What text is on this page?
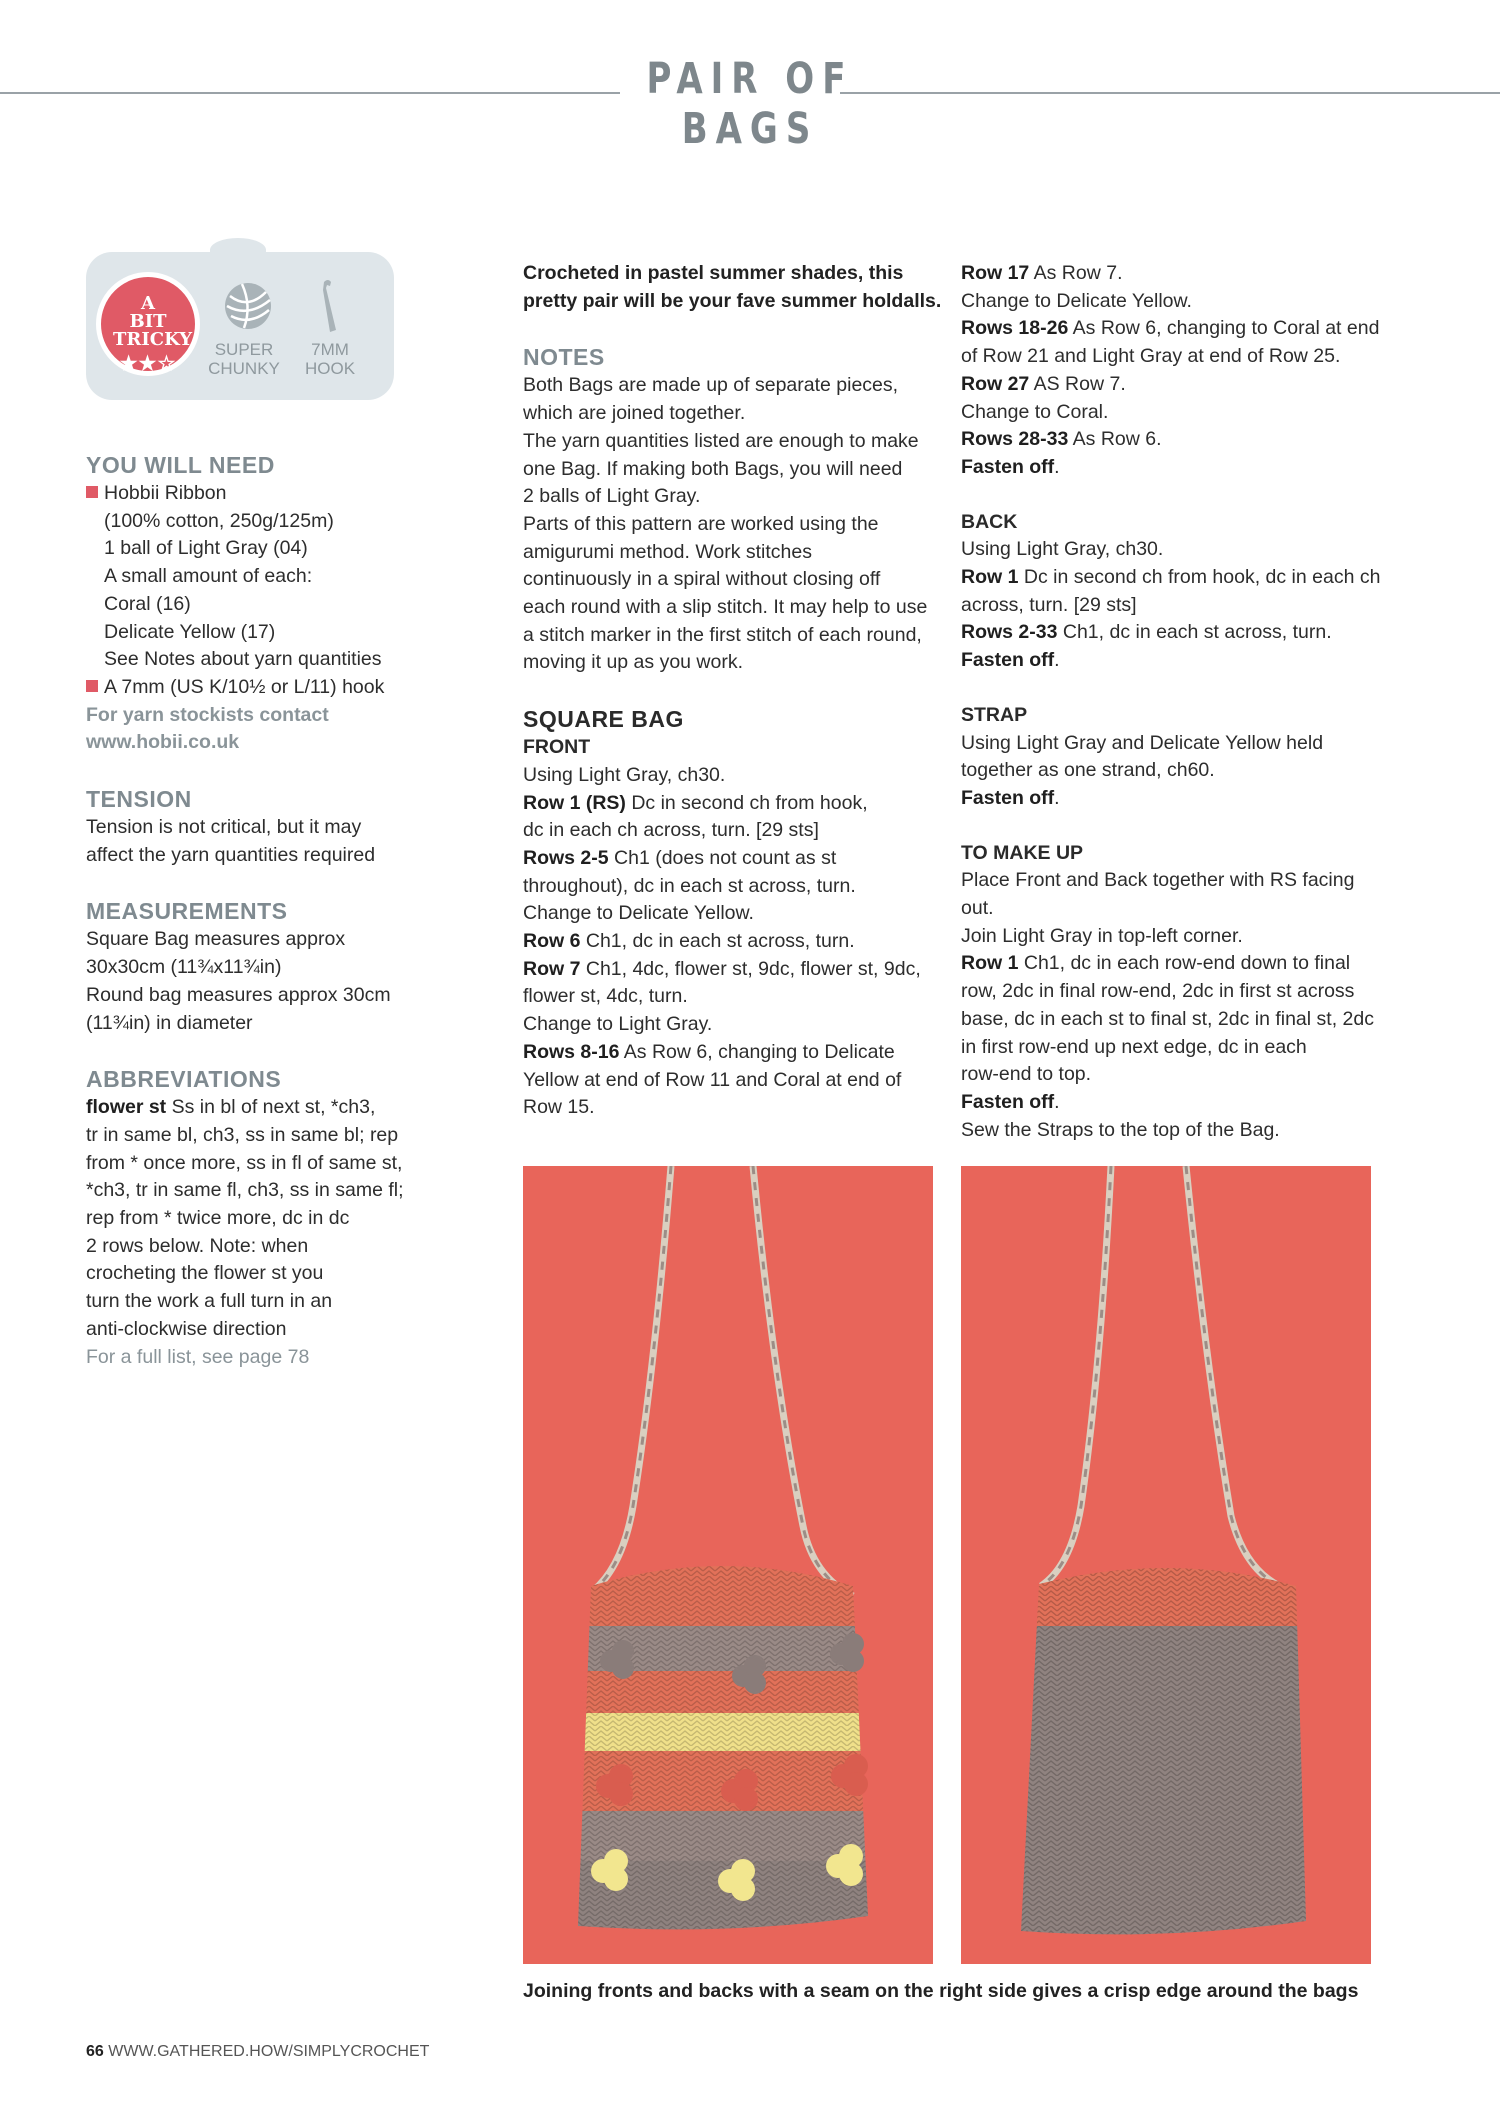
PAIR OF BAGS
A BIT TRICKY
★★☆
SUPER
CHUNKY
7MM
HOOK

YOU WILL NEED

Hobbii Ribbon

(100% cotton, 250g/125m)

1 ball of Light Gray (04)

A small amount of each:

Coral (16)

Delicate Yellow (17)

See Notes about yarn quantities

A 7mm (US K/10½ or L/11) hook

For yarn stockists contact

www.hobii.co.uk

TENSION

Tension is not critical, but it may

affect the yarn quantities required

MEASUREMENTS

Square Bag measures approx

30x30cm (11¾x11¾in)

Round bag measures approx 30cm

(11¾in) in diameter

ABBREVIATIONS

flower st Ss in bl of next st, *ch3,

tr in same bl, ch3, ss in same bl; rep

from * once more, ss in fl of same st,

*ch3, tr in same fl, ch3, ss in same fl;

rep from * twice more, dc in dc

2 rows below. Note: when

crocheting the flower st you

turn the work a full turn in an

anti-clockwise direction

For a full list, see page 78

Crocheted in pastel summer shades, this

pretty pair will be your fave summer holdalls.

NOTES

Both Bags are made up of separate pieces,

which are joined together.

The yarn quantities listed are enough to make

one Bag. If making both Bags, you will need

2 balls of Light Gray.

Parts of this pattern are worked using the

amigurumi method. Work stitches

continuously in a spiral without closing off

each round with a slip stitch. It may help to use

a stitch marker in the first stitch of each round,

moving it up as you work.

SQUARE BAG

FRONT

Using Light Gray, ch30.

Row 1 (RS) Dc in second ch from hook,

dc in each ch across, turn. [29 sts]

Rows 2-5 Ch1 (does not count as st

throughout), dc in each st across, turn.

Change to Delicate Yellow.

Row 6 Ch1, dc in each st across, turn.

Row 7 Ch1, 4dc, flower st, 9dc, flower st, 9dc,

flower st, 4dc, turn.

Change to Light Gray.

Rows 8-16 As Row 6, changing to Delicate

Yellow at end of Row 11 and Coral at end of

Row 15.

Row 17 As Row 7.

Change to Delicate Yellow.

Rows 18-26 As Row 6, changing to Coral at end

of Row 21 and Light Gray at end of Row 25.

Row 27 AS Row 7.

Change to Coral.

Rows 28-33 As Row 6.

Fasten off.

BACK

Using Light Gray, ch30.

Row 1 Dc in second ch from hook, dc in each ch

across, turn. [29 sts]

Rows 2-33 Ch1, dc in each st across, turn.

Fasten off.

STRAP

Using Light Gray and Delicate Yellow held

together as one strand, ch60.

Fasten off.

TO MAKE UP

Place Front and Back together with RS facing out.

Join Light Gray in top-left corner.

Row 1 Ch1, dc in each row-end down to final

row, 2dc in final row-end, 2dc in first st across

base, dc in each st to final st, 2dc in final st, 2dc

in first row-end up next edge, dc in each

row-end to top.

Fasten off.

Sew the Straps to the top of the Bag.

Joining fronts and backs with a seam on the right side gives a crisp edge around the bags
66 WWW.GATHERED.HOW/SIMPLYCROCHET
